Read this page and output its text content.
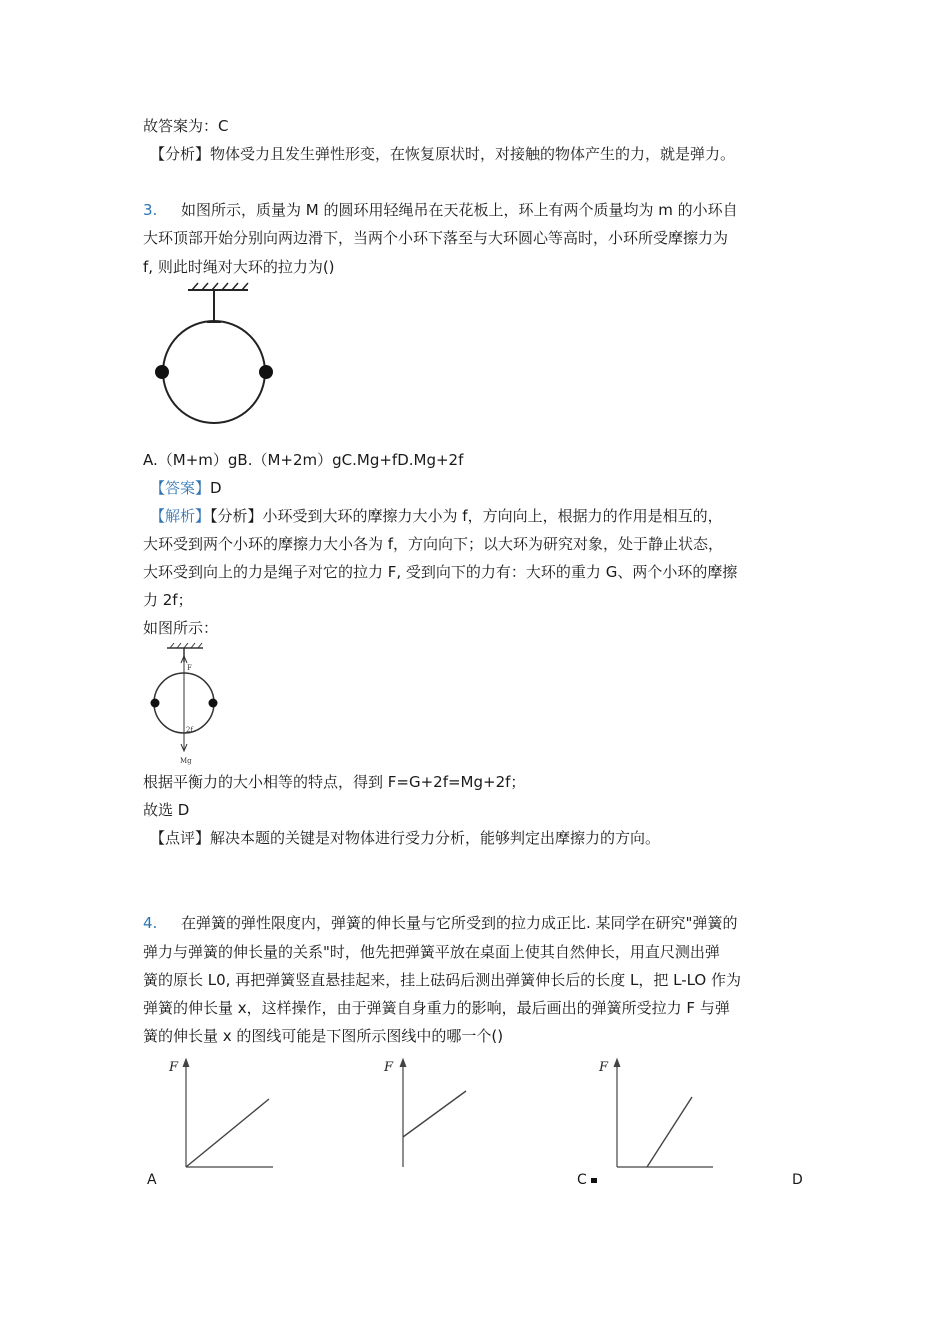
故答案为：C
【分析】物体受力且发生弹性形变，在恢复原状时，对接触的物体产生的力，就是弹力。
3. 如图所示，质量为 M 的圆环用轻绳吊在天花板上，环上有两个质量均为 m 的小环自
大环顶部开始分别向两边滑下，当两个小环下落至与大环圆心等高时，小环所受摩擦力为
f, 则此时绳对大环的拉力为()
A.（M+m）gB.（M+2m）gC.Mg+fD.Mg+2f
【答案】D
【解析】【分析】小环受到大环的摩擦力大小为 f，方向向上，根据力的作用是相互的，
大环受到两个小环的摩擦力大小各为 f，方向向下；以大环为研究对象，处于静止状态，
大环受到向上的力是绳子对它的拉力 F, 受到向下的力有：大环的重力 G、两个小环的摩擦
力 2f；
如图所示：
F
2f
Mg
根据平衡力的大小相等的特点，得到 F=G+2f=Mg+2f；
故选 D
【点评】解决本题的关键是对物体进行受力分析，能够判定出摩擦力的方向。
4. 在弹簧的弹性限度内，弹簧的伸长量与它所受到的拉力成正比. 某同学在研究"弹簧的
弹力与弹簧的伸长量的关系"时，他先把弹簧平放在桌面上使其自然伸长，用直尺测出弹
簧的原长 L0, 再把弹簧竖直悬挂起来，挂上砝码后测出弹簧伸长后的长度 L，把 L-LO 作为
弹簧的伸长量 x，这样操作，由于弹簧自身重力的影响，最后画出的弹簧所受拉力 F 与弹
簧的伸长量 x 的图线可能是下图所示图线中的哪一个()
F	F	F
A	C	D
